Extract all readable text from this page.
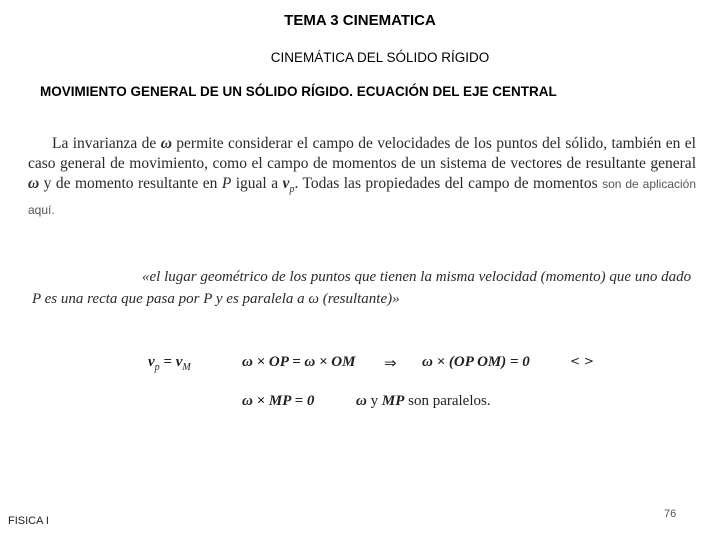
TEMA 3 CINEMATICA
CINEMÁTICA DEL SÓLIDO RÍGIDO
MOVIMIENTO GENERAL DE UN SÓLIDO RÍGIDO. ECUACIÓN DEL EJE CENTRAL
La invarianza de ω permite considerar el campo de velocidades de los puntos del sólido, también en el caso general de movimiento, como el campo de momentos de un sistema de vectores de resultante general ω y de momento resultante en P igual a $v_p$. Todas las propiedades del campo de momentos son de aplicación aquí.
«el lugar geométrico de los puntos que tienen la misma velocidad (momento) que uno dado P es una recta que pasa por P y es paralela a ω (resultante)»
$v_p = v_M$	ω × OP = ω × OM ⇒ ω × (OP OM) = 0	< >
ω × MP = 0	ω y MP son paralelos.
FISICA I
76
